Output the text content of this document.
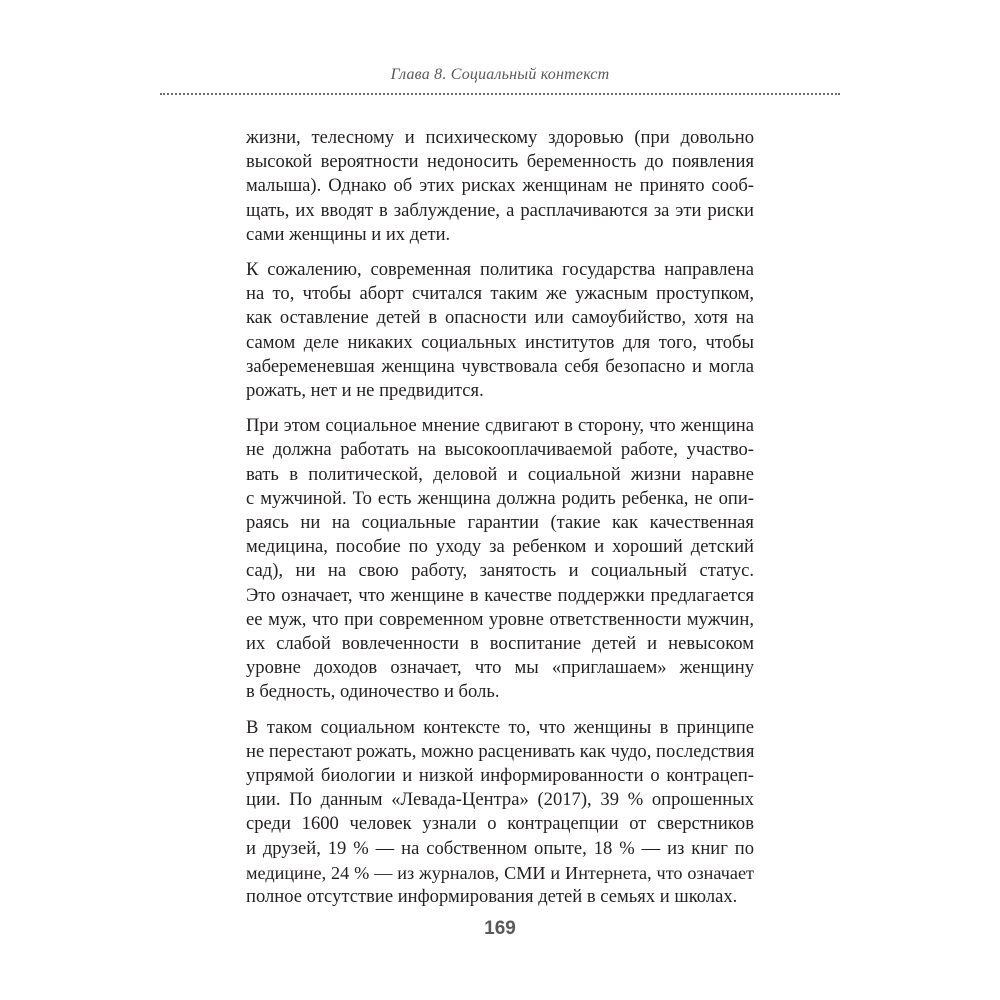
Глава 8. Социальный контекст

жизни, телесному и психическому здоровью (при довольно
высокой вероятности недоносить беременность до появления
малыша). Однако об этих рисках женщинам не принято сооб-
щать, их вводят в заблуждение, а расплачиваются за эти риски
сами женщины и их дети.

К сожалению, современная политика государства направлена
на то, чтобы аборт считался таким же ужасным проступком,
как оставление детей в опасности или самоубийство, хотя на
самом деле никаких социальных институтов для того, чтобы
забеременевшая женщина чувствовала себя безопасно и могла
рожать, нет и не предвидится.

При этом социальное мнение сдвигают в сторону, что женщина
не должна работать на высокооплачиваемой работе, участво-
вать в политической, деловой и социальной жизни наравне
с мужчиной. То есть женщина должна родить ребенка, не опи-
раясь ни на социальные гарантии (такие как качественная
медицина, пособие по уходу за ребенком и хороший детский
сад), ни на свою работу, занятость и социальный статус.
Это означает, что женщине в качестве поддержки предлагается
ее муж, что при современном уровне ответственности мужчин,
их слабой вовлеченности в воспитание детей и невысоком
уровне доходов означает, что мы «приглашаем» женщину
в бедность, одиночество и боль.

В таком социальном контексте то, что женщины в принципе
не перестают рожать, можно расценивать как чудо, последствия
упрямой биологии и низкой информированности о контрацеп-
ции. По данным «Левада-Центра» (2017), 39 % опрошенных
среди 1600 человек узнали о контрацепции от сверстников
и друзей, 19 % — на собственном опыте, 18 % — из книг по
медицине, 24 % — из журналов, СМИ и Интернета, что означает
полное отсутствие информирования детей в семьях и школах.

169
